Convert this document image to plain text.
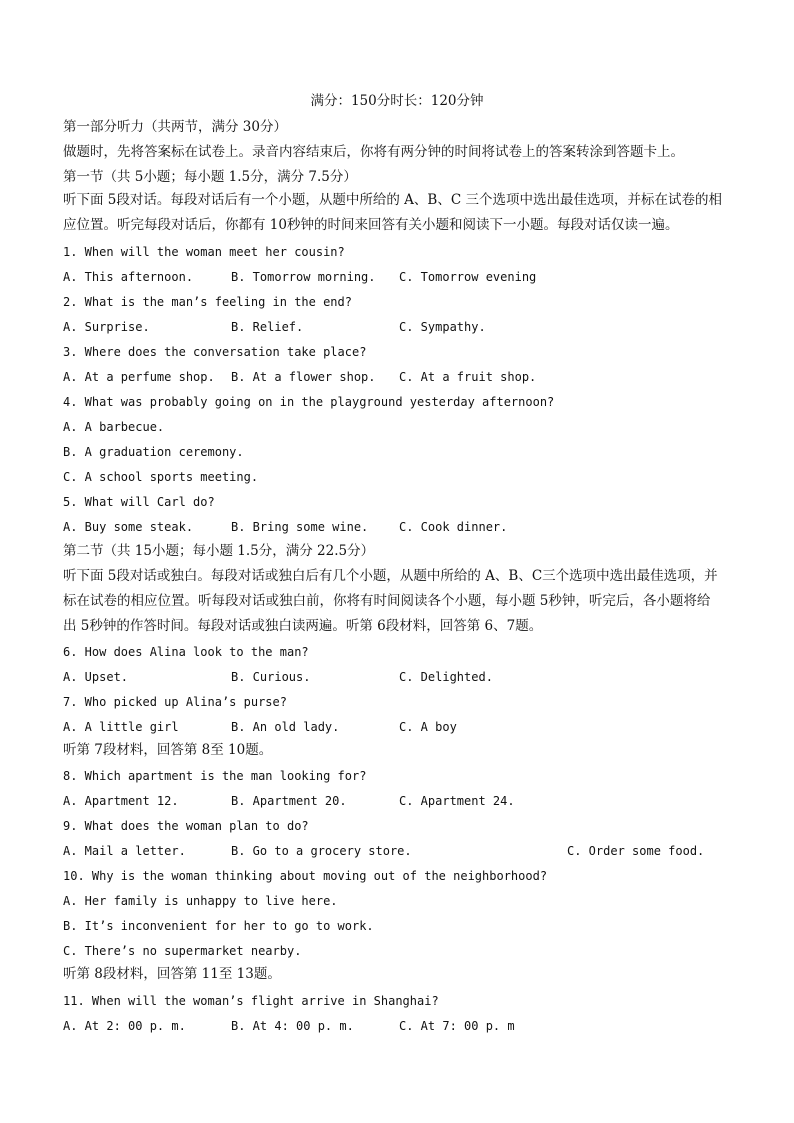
满分：150分时长：120分钟
第一部分听力（共两节，满分 30分）
做题时，先将答案标在试卷上。录音内容结束后，你将有两分钟的时间将试卷上的答案转涂到答题卡上。
第一节（共 5小题；每小题 1.5分，满分 7.5分）
听下面 5段对话。每段对话后有一个小题，从题中所给的 A、B、C 三个选项中选出最佳选项，并标在试卷的相
应位置。听完每段对话后，你都有 10秒钟的时间来回答有关小题和阅读下一小题。每段对话仅读一遍。
1. When will the woman meet her cousin?
A. This afternoon.	B. Tomorrow morning. C. Tomorrow evening
2. What is the man’s feeling in the end?
A. Surprise.	B. Relief.	C. Sympathy.
3. Where does the conversation take place?
A. At a perfume shop. B. At a flower shop. C. At a fruit shop.
4. What was probably going on in the playground yesterday afternoon?
A. A barbecue.
B. A graduation ceremony.
C. A school sports meeting.
5. What will Carl do?
A. Buy some steak.	B. Bring some wine.	C. Cook dinner.
第二节（共 15小题；每小题 1.5分，满分 22.5分）
听下面 5段对话或独白。每段对话或独白后有几个小题，从题中所给的 A、B、C三个选项中选出最佳选项，并
标在试卷的相应位置。听每段对话或独白前，你将有时间阅读各个小题，每小题 5秒钟，听完后，各小题将给
出 5秒钟的作答时间。每段对话或独白读两遍。听第 6段材料，回答第 6、7题。
6. How does Alina look to the man?
A. Upset.	B. Curious.	C. Delighted.
7. Who picked up Alina’s purse?
A. A little girl	B. An old lady.	C. A boy
听第 7段材料，回答第 8至 10题。
8. Which apartment is the man looking for?
A. Apartment 12.	B. Apartment 20.	C. Apartment 24.
9. What does the woman plan to do?
A. Mail a letter.	B. Go to a grocery store.	C. Order some food.
10. Why is the woman thinking about moving out of the neighborhood?
A. Her family is unhappy to live here.
B. It’s inconvenient for her to go to work.
C. There’s no supermarket nearby.
听第 8段材料，回答第 11至 13题。
11. When will the woman’s flight arrive in Shanghai?
A. At 2: 00 p. m.	B. At 4: 00 p. m.	C. At 7: 00 p. m
